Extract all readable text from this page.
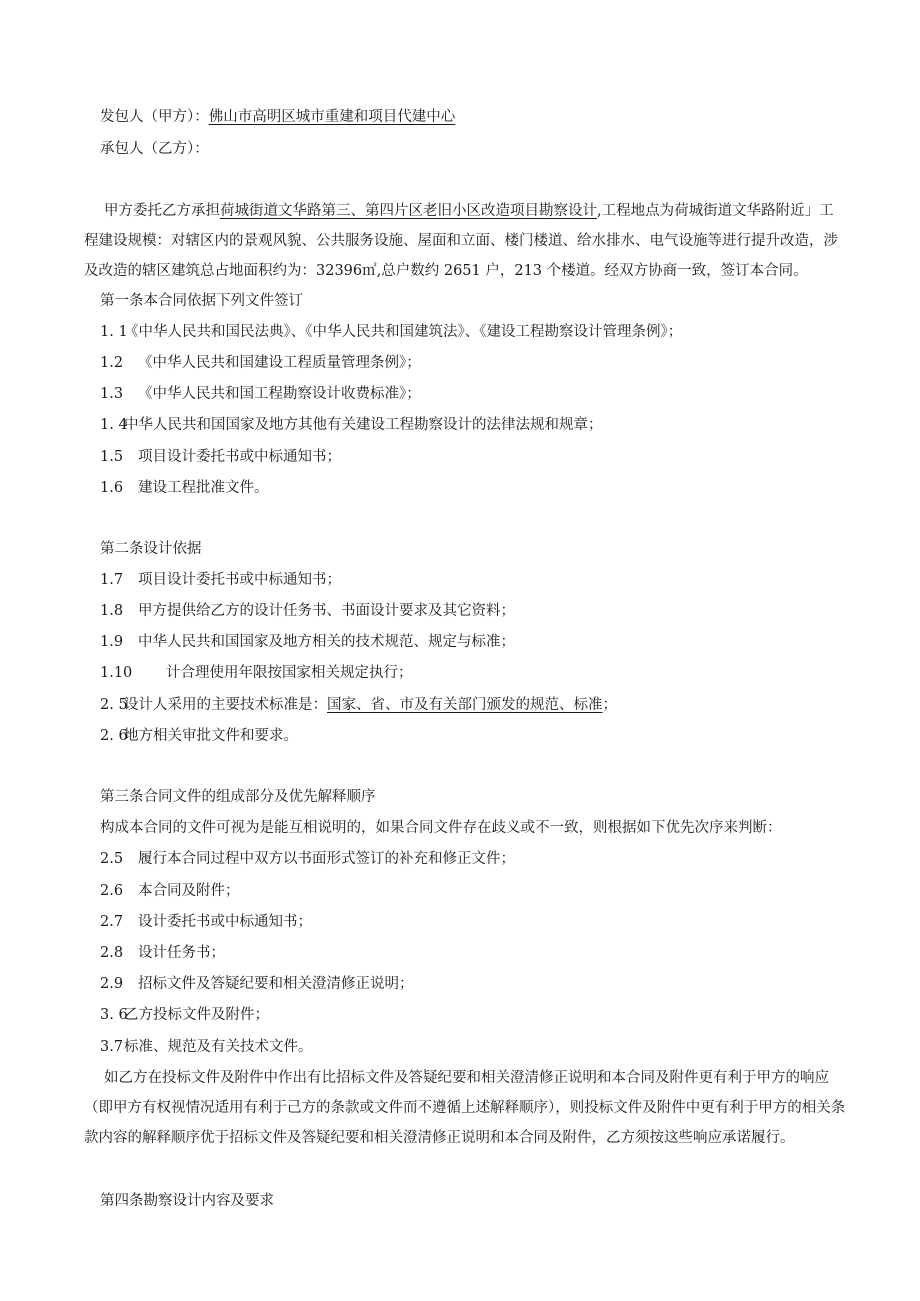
发包人（甲方）：佛山市高明区城市重建和项目代建中心

承包人（乙方）：

甲方委托乙方承担荷城街道文华路第三、第四片区老旧小区改造项目勘察设计,工程地点为荷城街道文华路附近」工

程建设规模：对辖区内的景观风貌、公共服务设施、屋面和立面、楼门楼道、给水排水、电气设施等进行提升改造，涉

及改造的辖区建筑总占地面积约为：32396㎡,总户数约 2651 户，213 个楼道。经双方协商一致，签订本合同。

第一条本合同依据下列文件签订

1. 1《中华人民共和国民法典》、《中华人民共和国建筑法》、《建设工程勘察设计管理条例》；

1.2 《中华人民共和国建设工程质量管理条例》；

1.3 《中华人民共和国工程勘察设计收费标准》；

1. 4中华人民共和国国家及地方其他有关建设工程勘察设计的法律法规和规章；

1.5 项目设计委托书或中标通知书；

1.6 建设工程批准文件。

第二条设计依据

1.7 项目设计委托书或中标通知书；

1.8 甲方提供给乙方的设计任务书、书面设计要求及其它资料；

1.9 中华人民共和国国家及地方相关的技术规范、规定与标准；

1.10 计合理使用年限按国家相关规定执行；

2. 5设计人采用的主要技术标准是：国家、省、市及有关部门颁发的规范、标准；

2. 6地方相关审批文件和要求。

第三条合同文件的组成部分及优先解释顺序

构成本合同的文件可视为是能互相说明的，如果合同文件存在歧义或不一致，则根据如下优先次序来判断：

2.5 履行本合同过程中双方以书面形式签订的补充和修正文件；

2.6 本合同及附件；

2.7 设计委托书或中标通知书；

2.8 设计任务书；

2.9 招标文件及答疑纪要和相关澄清修正说明；

3. 6乙方投标文件及附件；

3.7标准、规范及有关技术文件。

如乙方在投标文件及附件中作出有比招标文件及答疑纪要和相关澄清修正说明和本合同及附件更有利于甲方的响应

（即甲方有权视情况适用有利于己方的条款或文件而不遵循上述解释顺序），则投标文件及附件中更有利于甲方的相关条

款内容的解释顺序优于招标文件及答疑纪要和相关澄清修正说明和本合同及附件，乙方须按这些响应承诺履行。

第四条勘察设计内容及要求
